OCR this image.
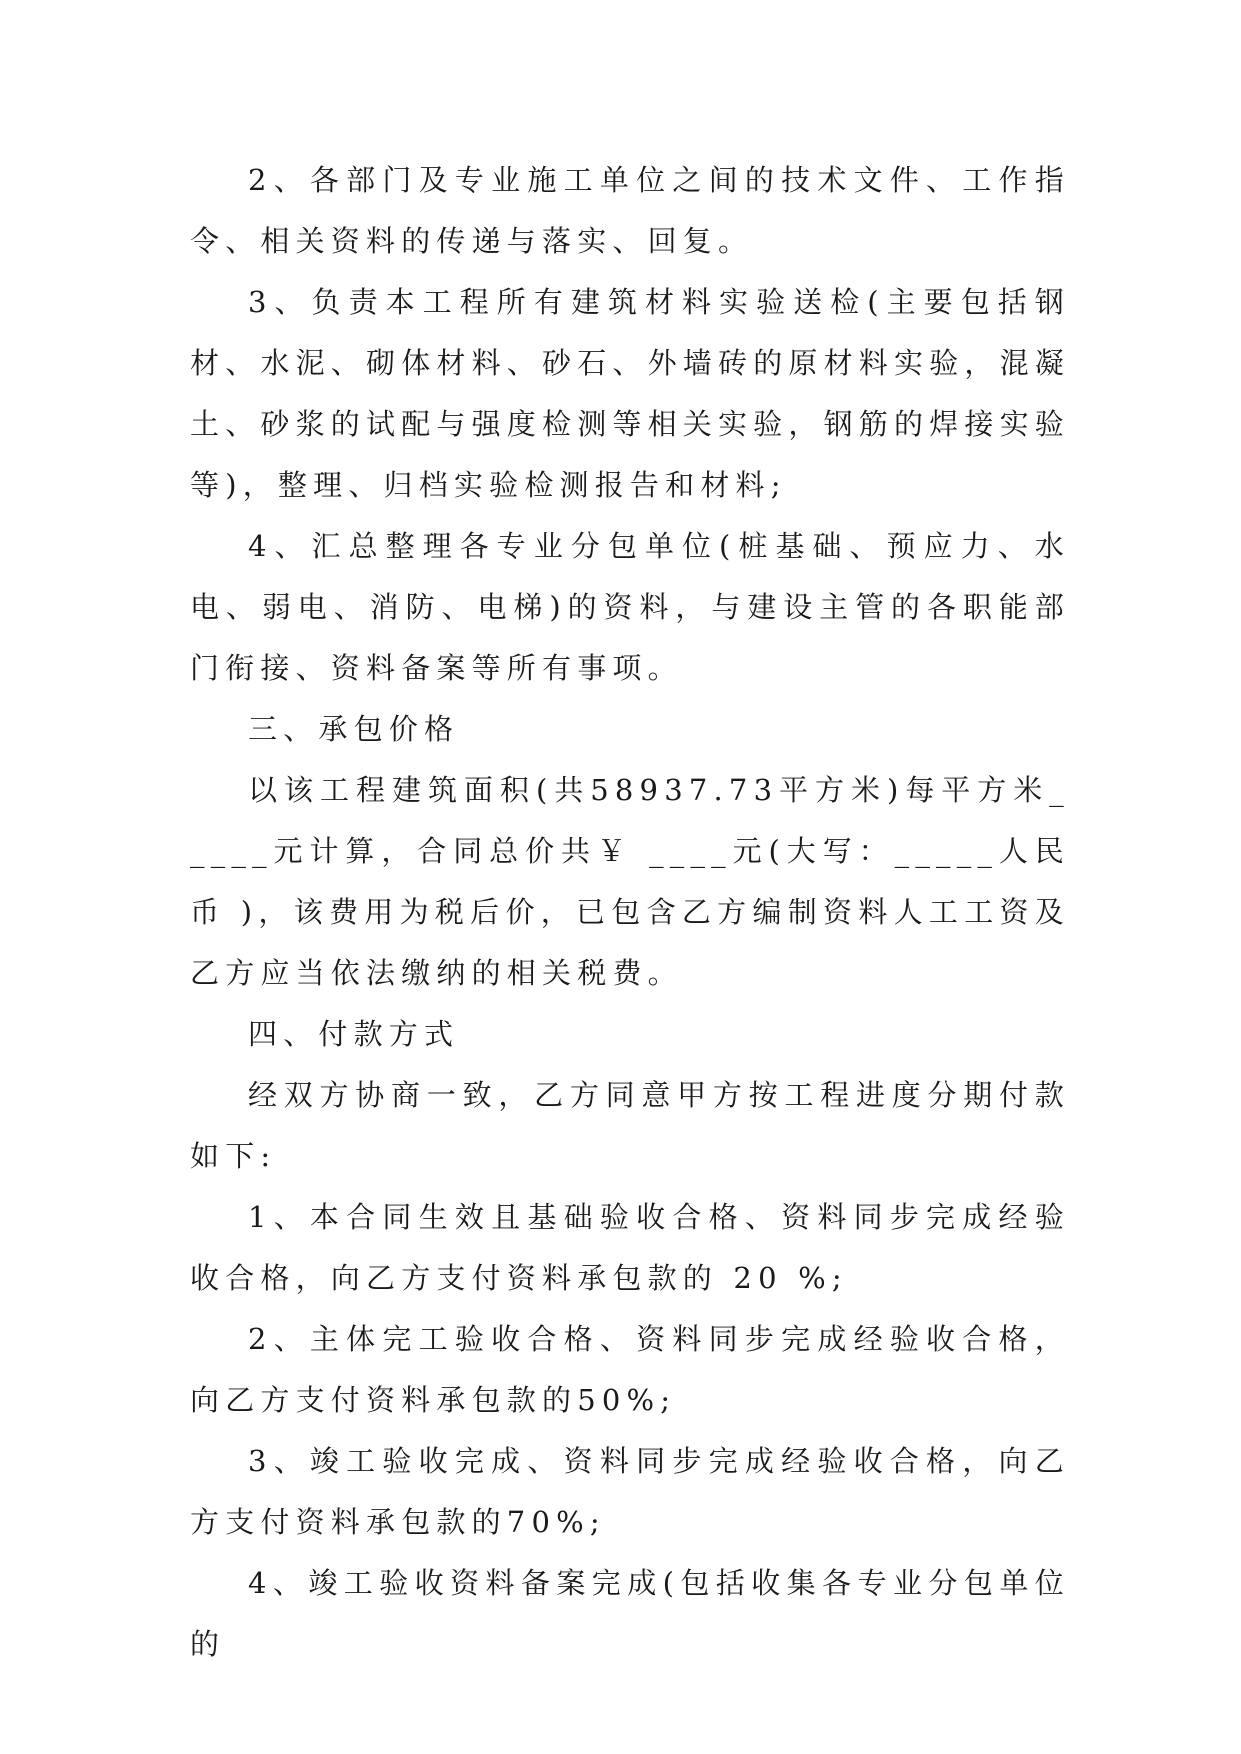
2、各部门及专业施工单位之间的技术文件、工作指令、相关资料的传递与落实、回复。

3、负责本工程所有建筑材料实验送检(主要包括钢材、水泥、砌体材料、砂石、外墙砖的原材料实验，混凝土、砂浆的试配与强度检测等相关实验，钢筋的焊接实验等)，整理、归档实验检测报告和材料;

4、汇总整理各专业分包单位(桩基础、预应力、水电、弱电、消防、电梯)的资料，与建设主管的各职能部门衔接、资料备案等所有事项。

三、承包价格

以该工程建筑面积(共58937.73平方米)每平方米_____元计算，合同总价共￥ ____元(大写：_____人民币 )，该费用为税后价，已包含乙方编制资料人工工资及乙方应当依法缴纳的相关税费。

四、付款方式

经双方协商一致，乙方同意甲方按工程进度分期付款如下:

1、本合同生效且基础验收合格、资料同步完成经验收合格，向乙方支付资料承包款的 20 %;

2、主体完工验收合格、资料同步完成经验收合格，向乙方支付资料承包款的50%;

3、竣工验收完成、资料同步完成经验收合格，向乙方支付资料承包款的70%;

4、竣工验收资料备案完成(包括收集各专业分包单位的
